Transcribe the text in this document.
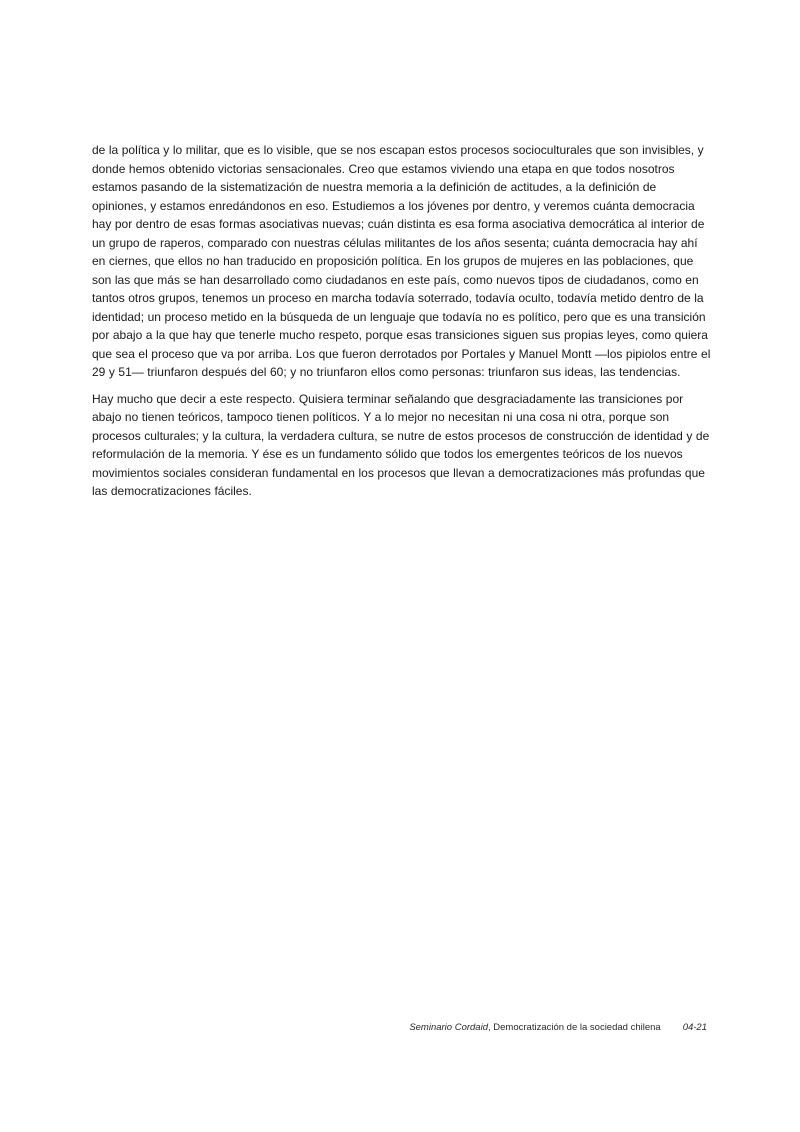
de la política y lo militar, que es lo visible, que se nos escapan estos procesos socioculturales que son invisibles, y donde hemos obtenido victorias sensacionales. Creo que estamos viviendo una etapa en que todos nosotros estamos pasando de la sistematización de nuestra memoria a la definición de actitudes, a la definición de opiniones, y estamos enredándonos en eso. Estudiemos a los jóvenes por dentro, y veremos cuánta democracia hay por dentro de esas formas asociativas nuevas; cuán distinta es esa forma asociativa democrática al interior de un grupo de raperos, comparado con nuestras células militantes de los años sesenta; cuánta democracia hay ahí en ciernes, que ellos no han traducido en proposición política. En los grupos de mujeres en las poblaciones, que son las que más se han desarrollado como ciudadanos en este país, como nuevos tipos de ciudadanos, como en tantos otros grupos, tenemos un proceso en marcha todavía soterrado, todavía oculto, todavía metido dentro de la identidad; un proceso metido en la búsqueda de un lenguaje que todavía no es político, pero que es una transición por abajo a la que hay que tenerle mucho respeto, porque esas transiciones siguen sus propias leyes, como quiera que sea el proceso que va por arriba. Los que fueron derrotados por Portales y Manuel Montt —los pipiolos entre el 29 y 51— triunfaron después del 60; y no triunfaron ellos como personas: triunfaron sus ideas, las tendencias.

Hay mucho que decir a este respecto. Quisiera terminar señalando que desgraciadamente las transiciones por abajo no tienen teóricos, tampoco tienen políticos. Y a lo mejor no necesitan ni una cosa ni otra, porque son procesos culturales; y la cultura, la verdadera cultura, se nutre de estos procesos de construcción de identidad y de reformulación de la memoria. Y ése es un fundamento sólido que todos los emergentes teóricos de los nuevos movimientos sociales consideran fundamental en los procesos que llevan a democratizaciones más profundas que las democratizaciones fáciles.

Seminario Cordaid, Democratización de la sociedad chilena 04-21
